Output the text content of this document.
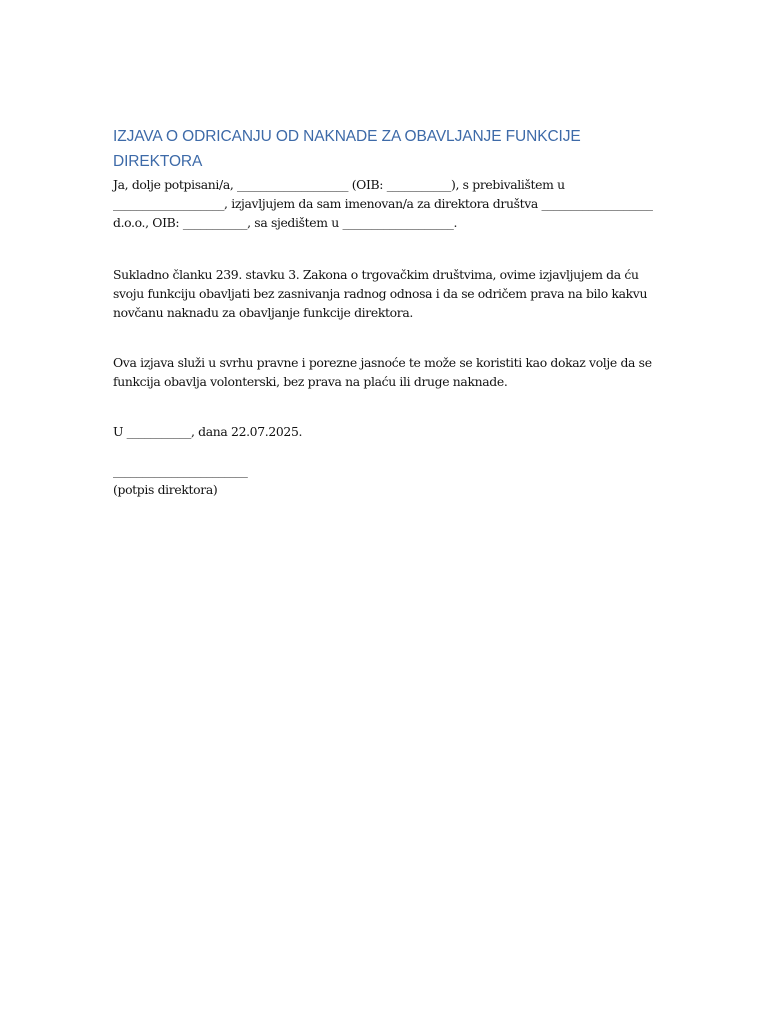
IZJAVA O ODRICANJU OD NAKNADE ZA OBAVLJANJE FUNKCIJE
DIREKTORA

Ja, dolje potpisani/a, ___________________ (OIB: ___________), s prebivalištem u
___________________, izjavljujem da sam imenovan/a za direktora društva ___________________
d.o.o., OIB: ___________, sa sjedištem u ___________________.

Sukladno članku 239. stavku 3. Zakona o trgovačkim društvima, ovime izjavljujem da ću
svoju funkciju obavljati bez zasnivanja radnog odnosa i da se odričem prava na bilo kakvu
novčanu naknadu za obavljanje funkcije direktora.

Ova izjava služi u svrhu pravne i porezne jasnoće te može se koristiti kao dokaz volje da se
funkcija obavlja volonterski, bez prava na plaću ili druge naknade.

U ___________, dana 22.07.2025.

_______________________
(potpis direktora)
